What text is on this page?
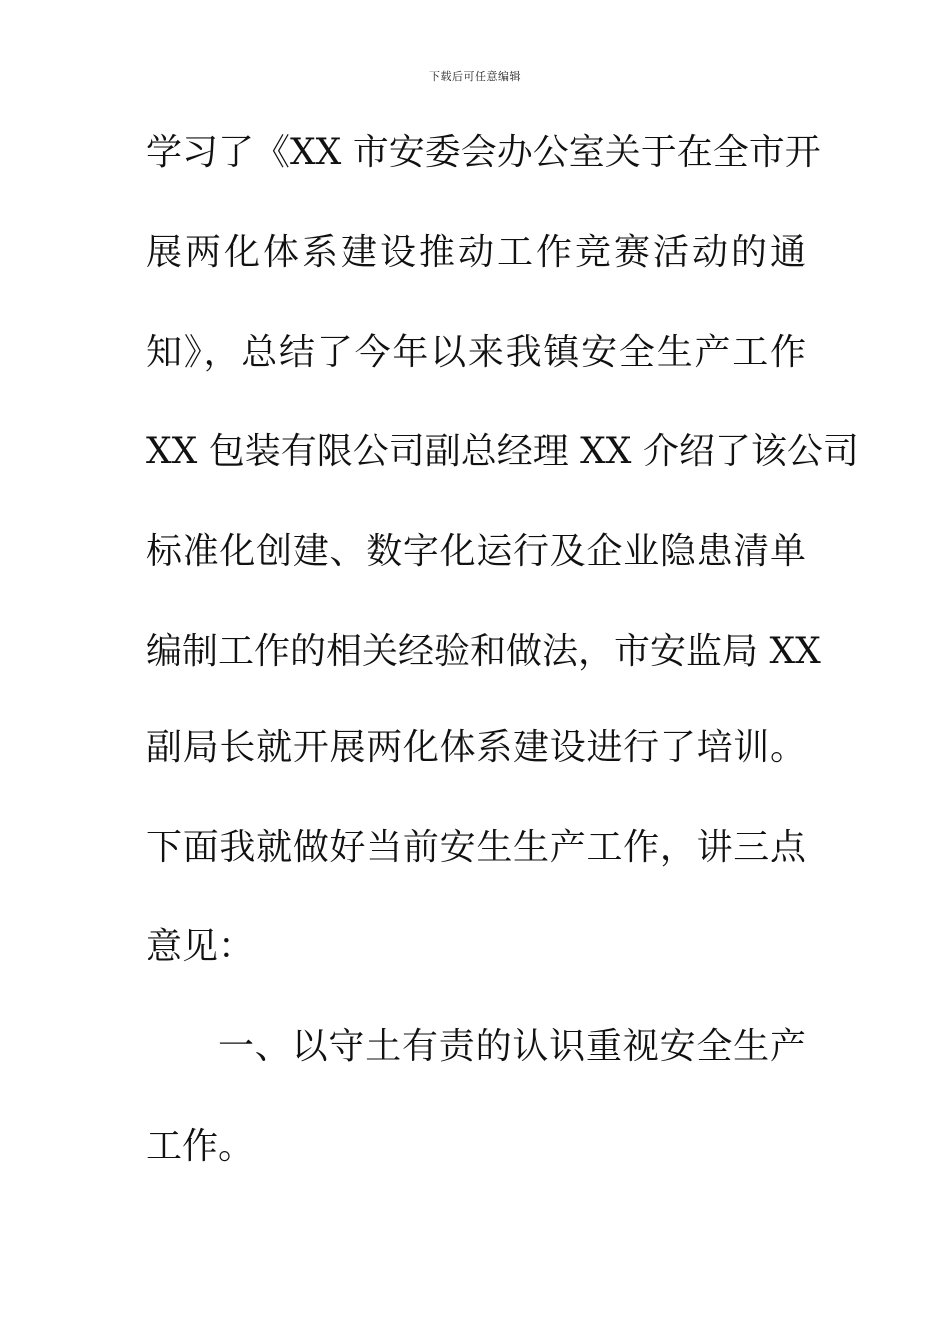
下载后可任意编辑
学习了《XX 市安委会办公室关于在全市开
展两化体系建设推动工作竞赛活动的通
知》，总结了今年以来我镇安全生产工作
XX 包装有限公司副总经理 XX 介绍了该公司
标准化创建、数字化运行及企业隐患清单
编制工作的相关经验和做法，市安监局 XX
副局长就开展两化体系建设进行了培训。
下面我就做好当前安生生产工作，讲三点
意见：
一、以守土有责的认识重视安全生产
工作。
